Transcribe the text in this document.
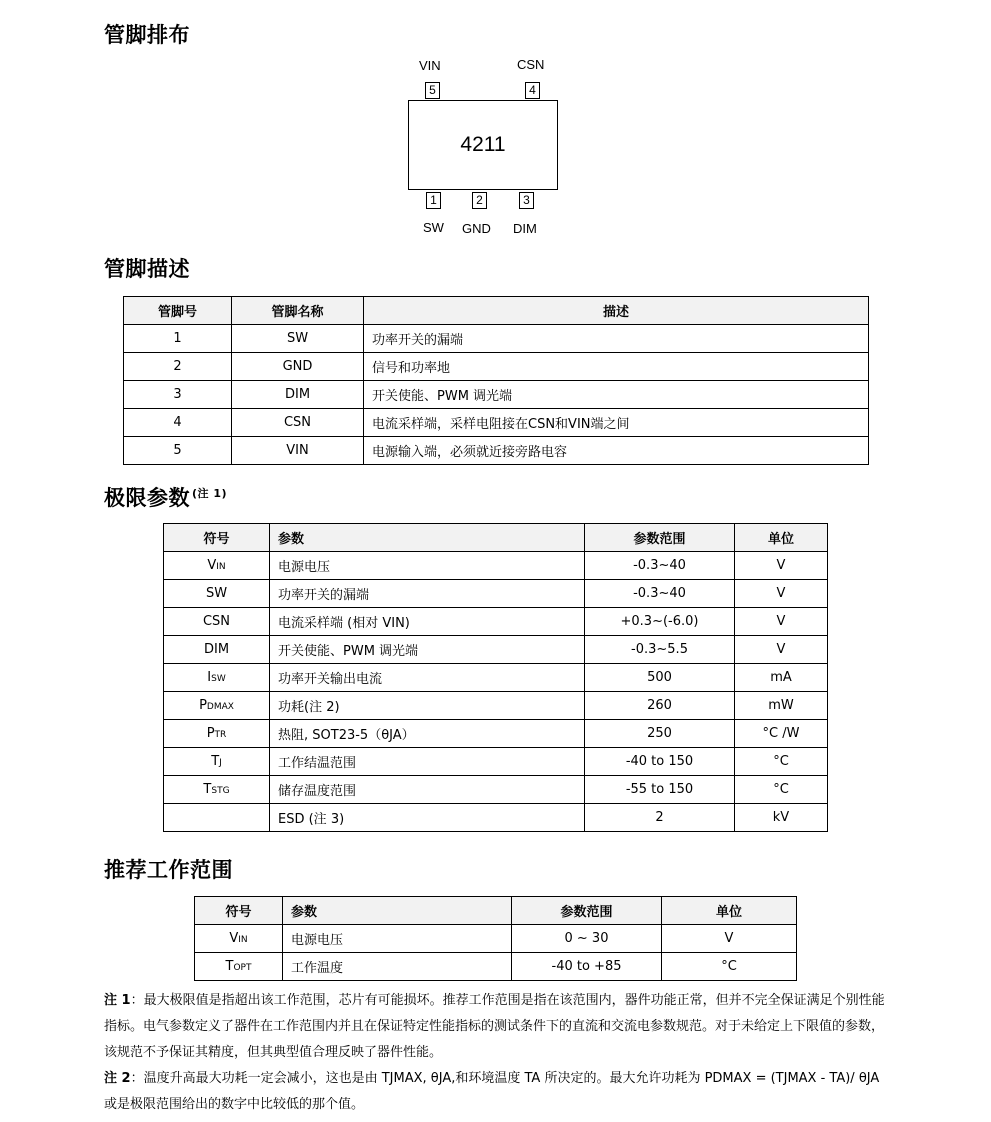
管脚排布
管脚描述
极限参数 $^{(注 1)}$
推荐工作范围
VIN	CSN
5	4
4211
1	2	3
SW GND DIM
管脚号	管脚名称	描述
1	SW	功率开关的漏端
2	GND	信号和功率地
3	DIM	开关使能、PWM 调光端
4	CSN	电流采样端，采样电阻接在CSN和VIN端之间
5	VIN	电源输入端，必须就近接旁路电容
符号	参数	参数范围	单位
VIN	电源电压	-0.3~40	V
SW	功率开关的漏端	-0.3~40	V
CSN	电流采样端 (相对 VIN)	+0.3~(-6.0)	V
DIM	开关使能、PWM 调光端	-0.3~5.5	V
ISW	功率开关输出电流	500	mA
PDMAX	功耗(注 2)	260	mW
PTR	热阻, SOT23-5（θJA）	250	°C /W
TJ	工作结温范围	-40 to 150	°C
TSTG	储存温度范围	-55 to 150	°C
	ESD (注 3)	2	kV
符号	参数	参数范围	单位
VIN	电源电压	0 ~ 30	V
TOPT	工作温度	-40 to +85	°C

注 1：最大极限值是指超出该工作范围，芯片有可能损坏。推荐工作范围是指在该范围内，器件功能正常，但并不完全保证满足个别性能指标。电气参数定义了器件在工作范围内并且在保证特定性能指标的测试条件下的直流和交流电参数规范。对于未给定上下限值的参数，该规范不予保证其精度，但其典型值合理反映了器件性能。

注 2：温度升高最大功耗一定会减小，这也是由 TJMAX, θJA,和环境温度 TA 所决定的。最大允许功耗为 PDMAX = (TJMAX - TA)/ θJA 或是极限范围给出的数字中比较低的那个值。
